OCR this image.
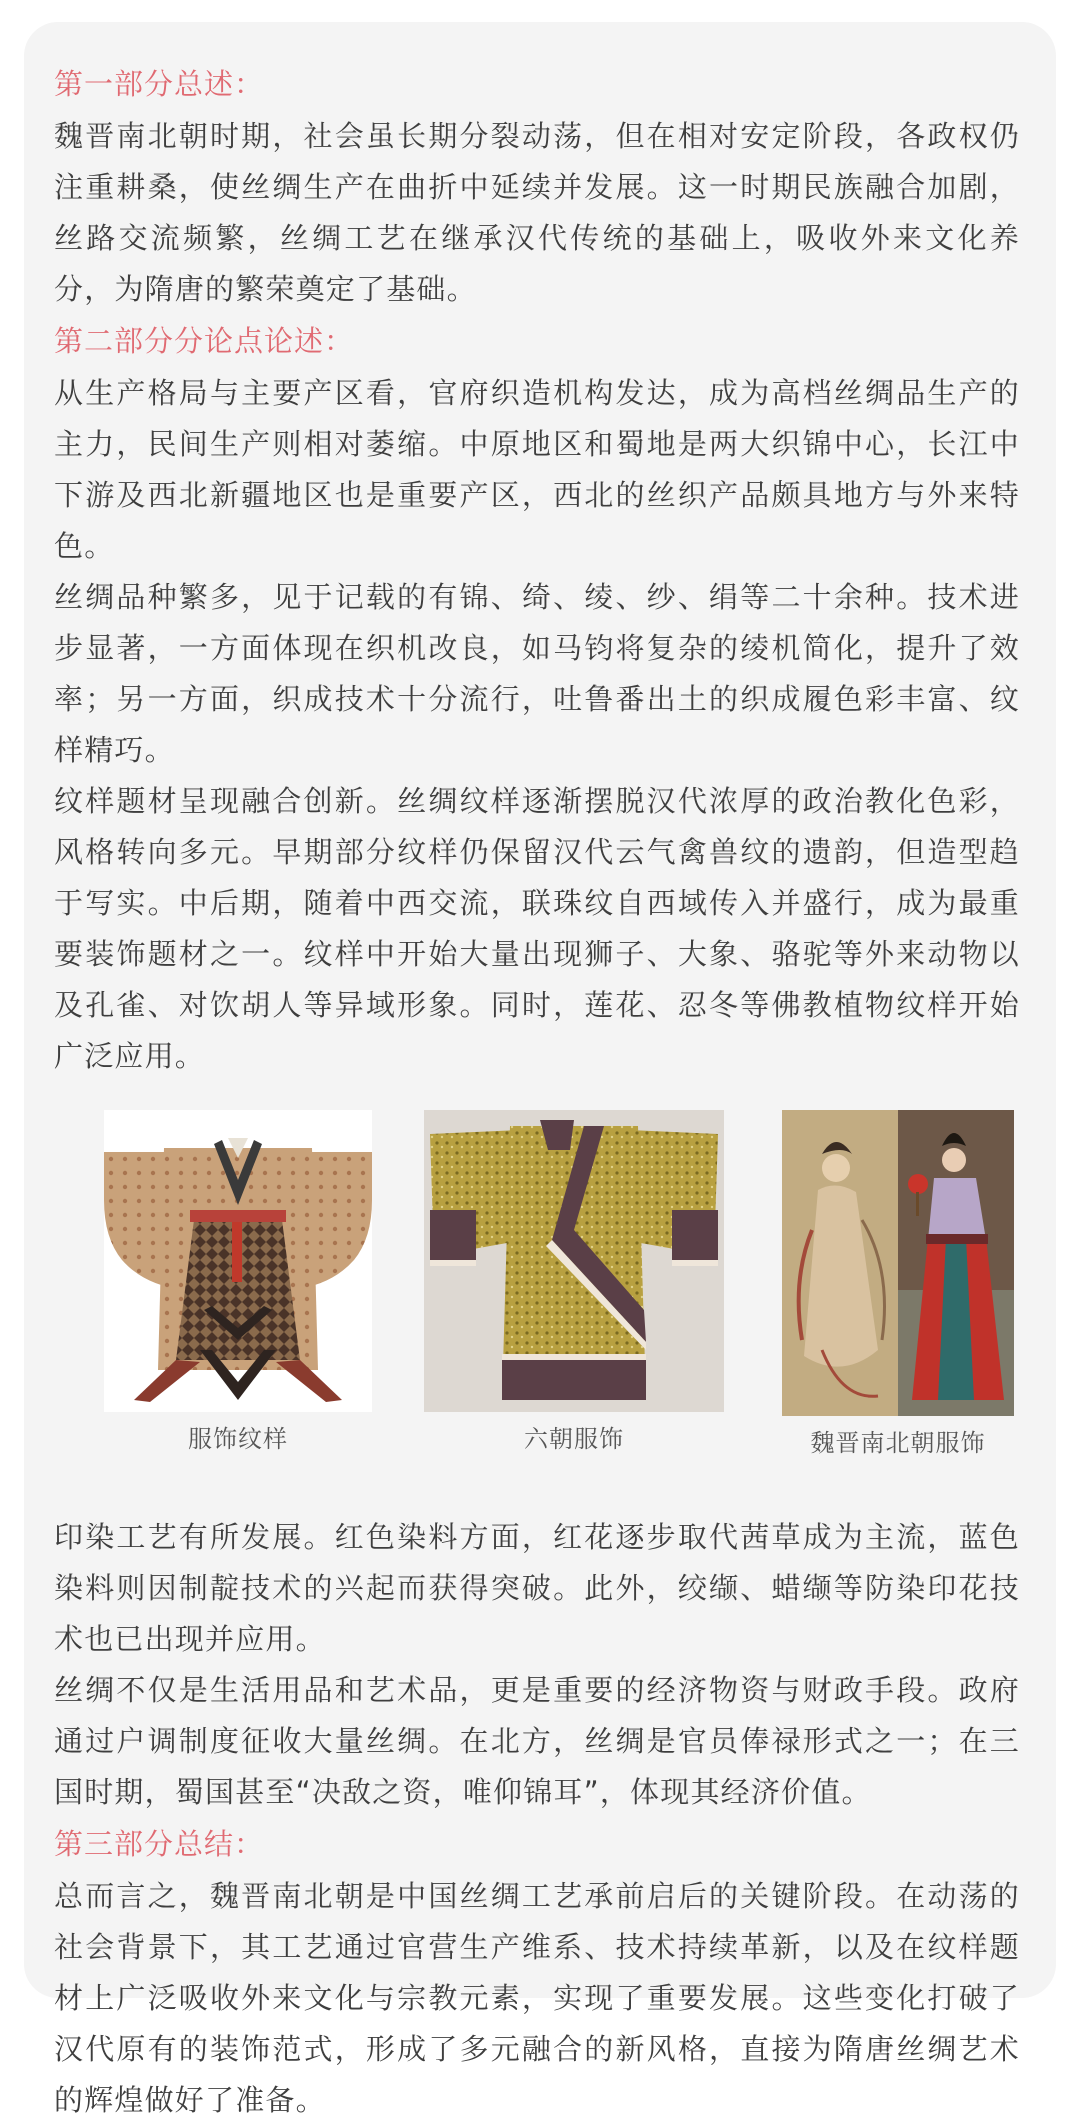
第一部分总述：

魏晋南北朝时期，社会虽长期分裂动荡，但在相对安定阶段，各政权仍注重耕桑，使丝绸生产在曲折中延续并发展。这一时期民族融合加剧，丝路交流频繁，丝绸工艺在继承汉代传统的基础上，吸收外来文化养分，为隋唐的繁荣奠定了基础。

第二部分分论点论述：

从生产格局与主要产区看，官府织造机构发达，成为高档丝绸品生产的主力，民间生产则相对萎缩。中原地区和蜀地是两大织锦中心，长江中下游及西北新疆地区也是重要产区，西北的丝织产品颇具地方与外来特色。

丝绸品种繁多，见于记载的有锦、绮、绫、纱、绢等二十余种。技术进步显著，一方面体现在织机改良，如马钧将复杂的绫机简化，提升了效率；另一方面，织成技术十分流行，吐鲁番出土的织成履色彩丰富、纹样精巧。

纹样题材呈现融合创新。丝绸纹样逐渐摆脱汉代浓厚的政治教化色彩，风格转向多元。早期部分纹样仍保留汉代云气禽兽纹的遗韵，但造型趋于写实。中后期，随着中西交流，联珠纹自西域传入并盛行，成为最重要装饰题材之一。纹样中开始大量出现狮子、大象、骆驼等外来动物以及孔雀、对饮胡人等异域形象。同时，莲花、忍冬等佛教植物纹样开始广泛应用。

服饰纹样	六朝服饰	魏晋南北朝服饰

印染工艺有所发展。红色染料方面，红花逐步取代茜草成为主流，蓝色染料则因制靛技术的兴起而获得突破。此外，绞缬、蜡缬等防染印花技术也已出现并应用。

丝绸不仅是生活用品和艺术品，更是重要的经济物资与财政手段。政府通过户调制度征收大量丝绸。在北方，丝绸是官员俸禄形式之一；在三国时期，蜀国甚至“决敌之资，唯仰锦耳”，体现其经济价值。

第三部分总结：

总而言之，魏晋南北朝是中国丝绸工艺承前启后的关键阶段。在动荡的社会背景下，其工艺通过官营生产维系、技术持续革新，以及在纹样题材上广泛吸收外来文化与宗教元素，实现了重要发展。这些变化打破了汉代原有的装饰范式，形成了多元融合的新风格，直接为隋唐丝绸艺术的辉煌做好了准备。
